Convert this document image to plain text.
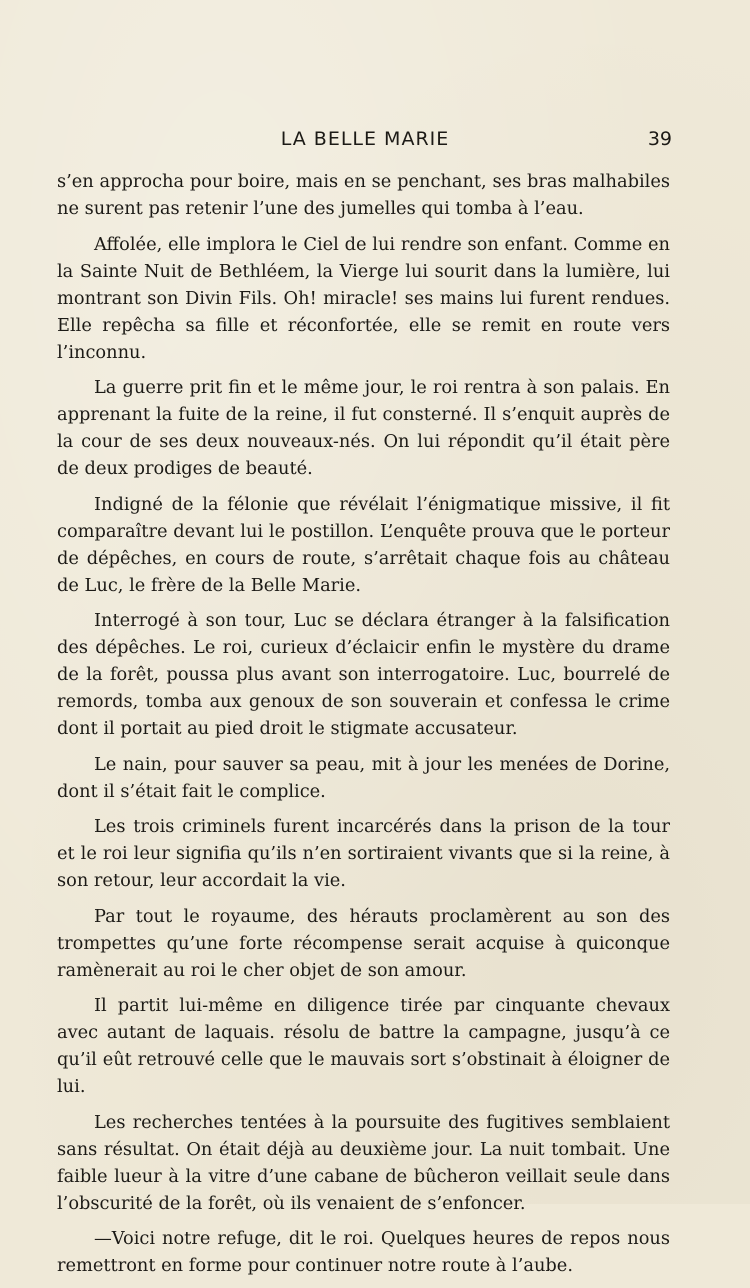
LA BELLE MARIE	39

s’en approcha pour boire, mais en se penchant, ses bras malhabiles ne surent pas retenir l’une des jumelles qui tomba à l’eau.

Affolée, elle implora le Ciel de lui rendre son enfant. Comme en la Sainte Nuit de Bethléem, la Vierge lui sourit dans la lumière, lui montrant son Divin Fils. Oh! miracle! ses mains lui furent rendues. Elle repêcha sa fille et réconfortée, elle se remit en route vers l’inconnu.

La guerre prit fin et le même jour, le roi rentra à son palais. En apprenant la fuite de la reine, il fut consterné. Il s’enquit auprès de la cour de ses deux nouveaux-nés. On lui répondit qu’il était père de deux prodiges de beauté.

Indigné de la félonie que révélait l’énigmatique missive, il fit comparaître devant lui le postillon. L’enquête prouva que le porteur de dépêches, en cours de route, s’arrêtait chaque fois au château de Luc, le frère de la Belle Marie.

Interrogé à son tour, Luc se déclara étranger à la falsification des dépêches. Le roi, curieux d’éclaicir enfin le mystère du drame de la forêt, poussa plus avant son interrogatoire. Luc, bourrelé de remords, tomba aux genoux de son souverain et confessa le crime dont il portait au pied droit le stigmate accusateur.

Le nain, pour sauver sa peau, mit à jour les menées de Dorine, dont il s’était fait le complice.

Les trois criminels furent incarcérés dans la prison de la tour et le roi leur signifia qu’ils n’en sortiraient vivants que si la reine, à son retour, leur accordait la vie.

Par tout le royaume, des hérauts proclamèrent au son des trompettes qu’une forte récompense serait acquise à quiconque ramènerait au roi le cher objet de son amour.

Il partit lui-même en diligence tirée par cinquante chevaux avec autant de laquais. résolu de battre la campagne, jusqu’à ce qu’il eût retrouvé celle que le mauvais sort s’obstinait à éloigner de lui.

Les recherches tentées à la poursuite des fugitives semblaient sans résultat. On était déjà au deuxième jour. La nuit tombait. Une faible lueur à la vitre d’une cabane de bûcheron veillait seule dans l’obscurité de la forêt, où ils venaient de s’enfoncer.

—Voici notre refuge, dit le roi. Quelques heures de repos nous remettront en forme pour continuer notre route à l’aube.
